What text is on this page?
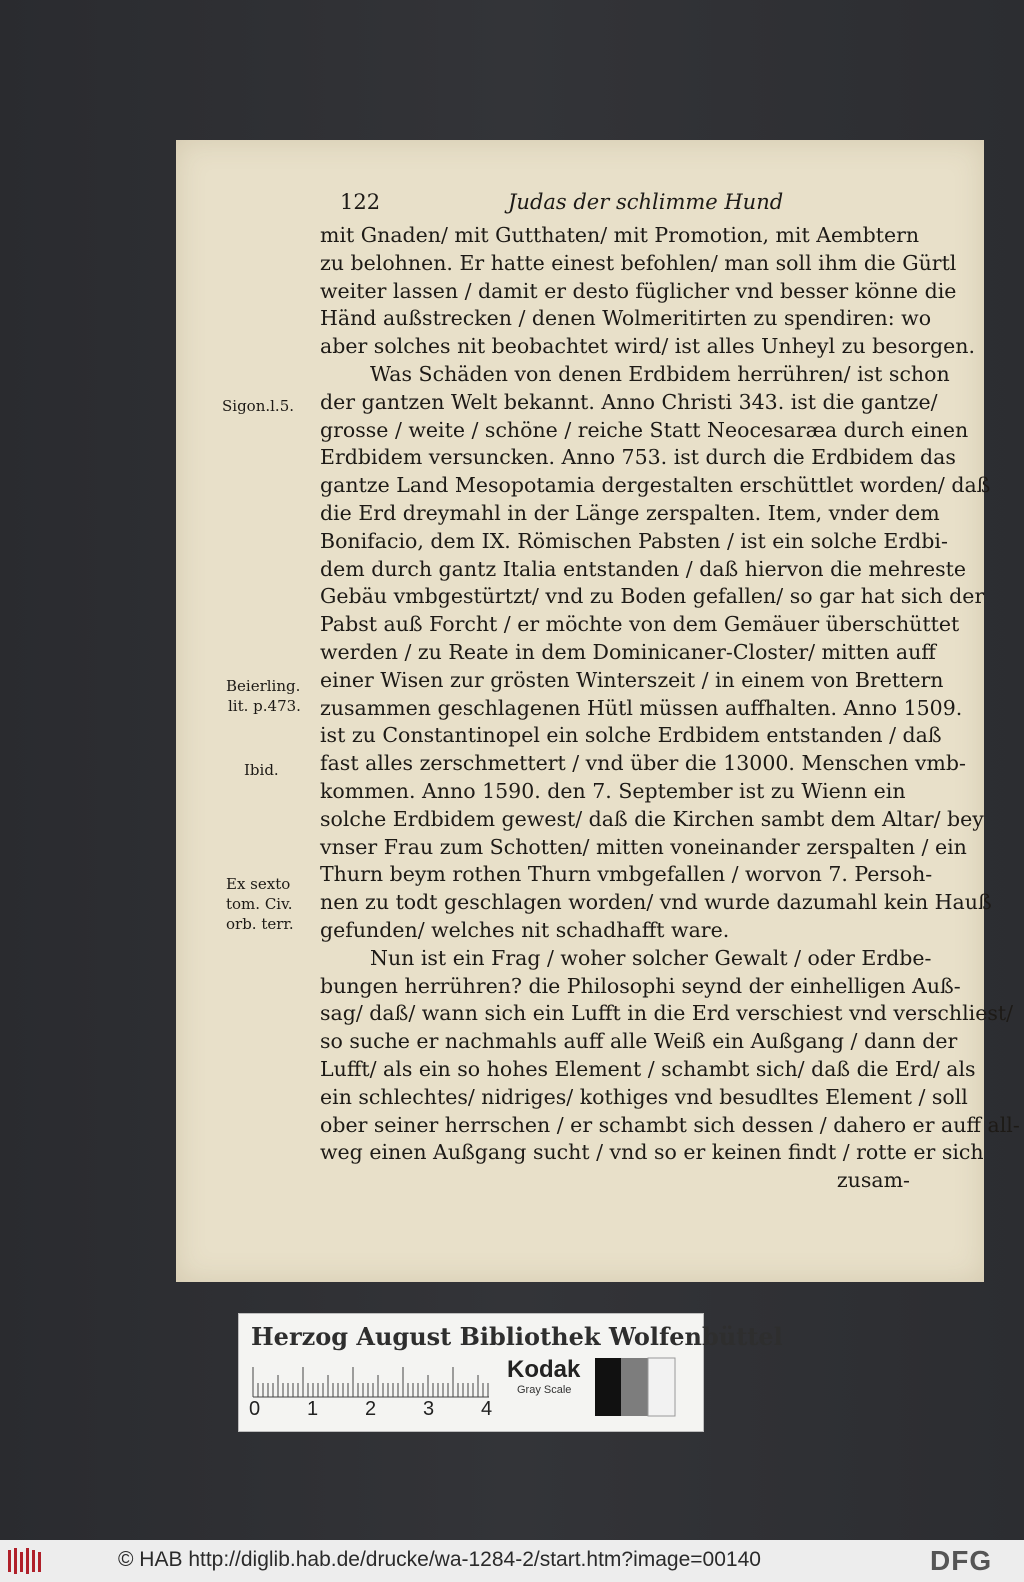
122	Judas der schlimme Hund
mit Gnaden/ mit Gutthaten/ mit Promotion, mit Aembtern
zu belohnen. Er hatte einest befohlen/ man soll ihm die Gürtl
weiter lassen / damit er desto füglicher vnd besser könne die
Händ außstrecken / denen Wolmeritirten zu spendiren: wo
aber solches nit beobachtet wird/ ist alles Unheyl zu besorgen.
Was Schäden von denen Erdbidem herrühren/ ist schon
der gantzen Welt bekannt. Anno Christi 343. ist die gantze/
grosse / weite / schöne / reiche Statt Neocesaræa durch einen
Erdbidem versuncken. Anno 753. ist durch die Erdbidem das
gantze Land Mesopotamia dergestalten erschüttlet worden/ daß
die Erd dreymahl in der Länge zerspalten. Item, vnder dem
Bonifacio, dem IX. Römischen Pabsten / ist ein solche Erdbi-
dem durch gantz Italia entstanden / daß hiervon die mehreste
Gebäu vmbgestürtzt/ vnd zu Boden gefallen/ so gar hat sich der
Pabst auß Forcht / er möchte von dem Gemäuer überschüttet
werden / zu Reate in dem Dominicaner-Closter/ mitten auff
einer Wisen zur grösten Winterszeit / in einem von Brettern
zusammen geschlagenen Hütl müssen auffhalten. Anno 1509.
ist zu Constantinopel ein solche Erdbidem entstanden / daß
fast alles zerschmettert / vnd über die 13000. Menschen vmb-
kommen. Anno 1590. den 7. September ist zu Wienn ein
solche Erdbidem gewest/ daß die Kirchen sambt dem Altar/ bey
vnser Frau zum Schotten/ mitten voneinander zerspalten / ein
Thurn beym rothen Thurn vmbgefallen / worvon 7. Persoh-
nen zu todt geschlagen worden/ vnd wurde dazumahl kein Hauß
gefunden/ welches nit schadhafft ware.
Nun ist ein Frag / woher solcher Gewalt / oder Erdbe-
bungen herrühren? die Philosophi seynd der einhelligen Auß-
sag/ daß/ wann sich ein Lufft in die Erd verschiest vnd verschliest/
so suche er nachmahls auff alle Weiß ein Außgang / dann der
Lufft/ als ein so hohes Element / schambt sich/ daß die Erd/ als
ein schlechtes/ nidriges/ kothiges vnd besudltes Element / soll
ober seiner herrschen / er schambt sich dessen / dahero er auff all-
weg einen Außgang sucht / vnd so er keinen findt / rotte er sich
zusam-
Sigon.l.5.
Beierling.
lit. p.473.
Ibid.
Ex sexto
tom. Civ.
orb. terr.
Herzog August Bibliothek Wolfenbüttel
0 1 2 3 4
Kodak
Gray Scale
© HAB http://diglib.hab.de/drucke/wa-1284-2/start.htm?image=00140	DFG
